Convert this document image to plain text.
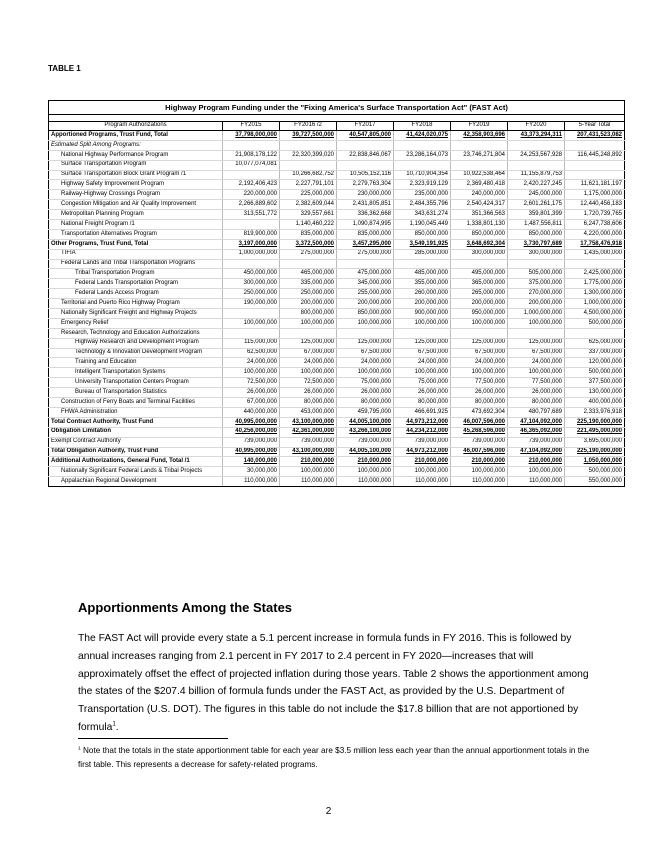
TABLE 1
Highway Program Funding under the "Fixing America's Surface Transportation Act" (FAST Act)							

Program Authorizations	FY2015	FY2016 /2	FY2017	FY2018	FY2019	FY2020	5-Year Total
Apportioned Programs, Trust Fund, Total	37,798,000,000	39,727,500,000	40,547,805,000	41,424,020,075	42,358,903,696	43,373,294,311	207,431,523,082
Estimated Split Among Programs:							
National Highway Performance Program	21,908,178,122	22,320,399,020	22,838,846,067	23,286,164,073	23,746,271,804	24,253,567,928	116,445,248,892
Surface Transportation Program	10,077,074,081						
Surface Transportation Block Grant Program /1		10,266,682,752	10,505,152,116	10,710,904,354	10,922,538,464	11,155,879,753	
Highway Safety Improvement Program	2,192,406,423	2,227,791,101	2,279,763,304	2,323,919,129	2,369,480,418	2,420,227,245	11,621,181,197
Railway-Highway Crossings Program	220,000,000	225,000,000	230,000,000	235,000,000	240,000,000	245,000,000	1,175,000,000
Congestion Mitigation and Air Quality Improvement	2,266,889,602	2,382,609,044	2,431,805,851	2,484,355,796	2,540,424,317	2,601,261,175	12,440,456,183
Metropolitan Planning Program	313,551,772	329,557,661	336,362,668	343,631,274	351,366,563	359,801,399	1,720,739,765
National Freight Program /1		1,140,460,222	1,090,874,995	1,190,045,449	1,338,801,130	1,487,556,811	6,247,738,606
Transportation Alternatives Program	819,900,000	835,000,000	835,000,000	850,000,000	850,000,000	850,000,000	4,220,000,000
Other Programs, Trust Fund, Total	3,197,000,000	3,372,500,000	3,457,295,000	3,549,191,925	3,648,692,304	3,730,797,689	17,758,476,918
TIFIA	1,000,000,000	275,000,000	275,000,000	285,000,000	300,000,000	300,000,000	1,435,000,000
Federal Lands and Tribal Transportation Programs							
Tribal Transportation Program	450,000,000	465,000,000	475,000,000	485,000,000	495,000,000	505,000,000	2,425,000,000
Federal Lands Transportation Program	300,000,000	335,000,000	345,000,000	355,000,000	365,000,000	375,000,000	1,775,000,000
Federal Lands Access Program	250,000,000	250,000,000	255,000,000	260,000,000	265,000,000	270,000,000	1,300,000,000
Territorial and Puerto Rico Highway Program	190,000,000	200,000,000	200,000,000	200,000,000	200,000,000	200,000,000	1,000,000,000
Nationally Significant Freight and Highway Projects		800,000,000	850,000,000	900,000,000	950,000,000	1,000,000,000	4,500,000,000
Emergency Relief	100,000,000	100,000,000	100,000,000	100,000,000	100,000,000	100,000,000	500,000,000
Research, Technology and Education Authorizations							
Highway Research and Development Program	115,000,000	125,000,000	125,000,000	125,000,000	125,000,000	125,000,000	625,000,000
Technology & Innovation Development Program	62,500,000	67,000,000	67,500,000	67,500,000	67,500,000	67,500,000	337,000,000
Training and Education	24,000,000	24,000,000	24,000,000	24,000,000	24,000,000	24,000,000	120,000,000
Intelligent Transportation Systems	100,000,000	100,000,000	100,000,000	100,000,000	100,000,000	100,000,000	500,000,000
University Transportation Centers Program	72,500,000	72,500,000	75,000,000	75,000,000	77,500,000	77,500,000	377,500,000
Bureau of Transportation Statistics	26,000,000	26,000,000	26,000,000	26,000,000	26,000,000	26,000,000	130,000,000
Construction of Ferry Boats and Terminal Facilities	67,000,000	80,000,000	80,000,000	80,000,000	80,000,000	80,000,000	400,000,000
FHWA Administration	440,000,000	453,000,000	459,795,000	466,691,925	473,692,304	480,797,689	2,333,976,918
Total Contract Authority, Trust Fund	40,995,000,000	43,100,000,000	44,005,100,000	44,973,212,000	46,007,596,000	47,104,092,000	225,190,000,000
Obligation Limitation	40,256,000,000	42,361,000,000	43,266,100,000	44,234,212,000	45,268,596,000	46,365,092,000	221,495,000,000
Exempt Contract Authority	739,000,000	739,000,000	739,000,000	739,000,000	739,000,000	739,000,000	3,695,000,000
Total Obligation Authority, Trust Fund	40,995,000,000	43,100,000,000	44,005,100,000	44,973,212,000	46,007,596,000	47,104,092,000	225,190,000,000
Additional Authorizations, General Fund, Total /1	140,000,000	210,000,000	210,000,000	210,000,000	210,000,000	210,000,000	1,050,000,000
Nationally Significant Federal Lands & Tribal Projects	30,000,000	100,000,000	100,000,000	100,000,000	100,000,000	100,000,000	500,000,000
Appalachian Regional Development	110,000,000	110,000,000	110,000,000	110,000,000	110,000,000	110,000,000	550,000,000
Apportionments Among the States
The FAST Act will provide every state a 5.1 percent increase in formula funds in FY 2016. This is followed by annual increases ranging from 2.1 percent in FY 2017 to 2.4 percent in FY 2020—increases that will approximately offset the effect of projected inflation during those years. Table 2 shows the apportionment among the states of the $207.4 billion of formula funds under the FAST Act, as provided by the U.S. Department of Transportation (U.S. DOT). The figures in this table do not include the $17.8 billion that are not apportioned by formula$^1$.
$^1$ Note that the totals in the state apportionment table for each year are $3.5 million less each year than the annual apportionment totals in the first table. This represents a decrease for safety-related programs.
2
